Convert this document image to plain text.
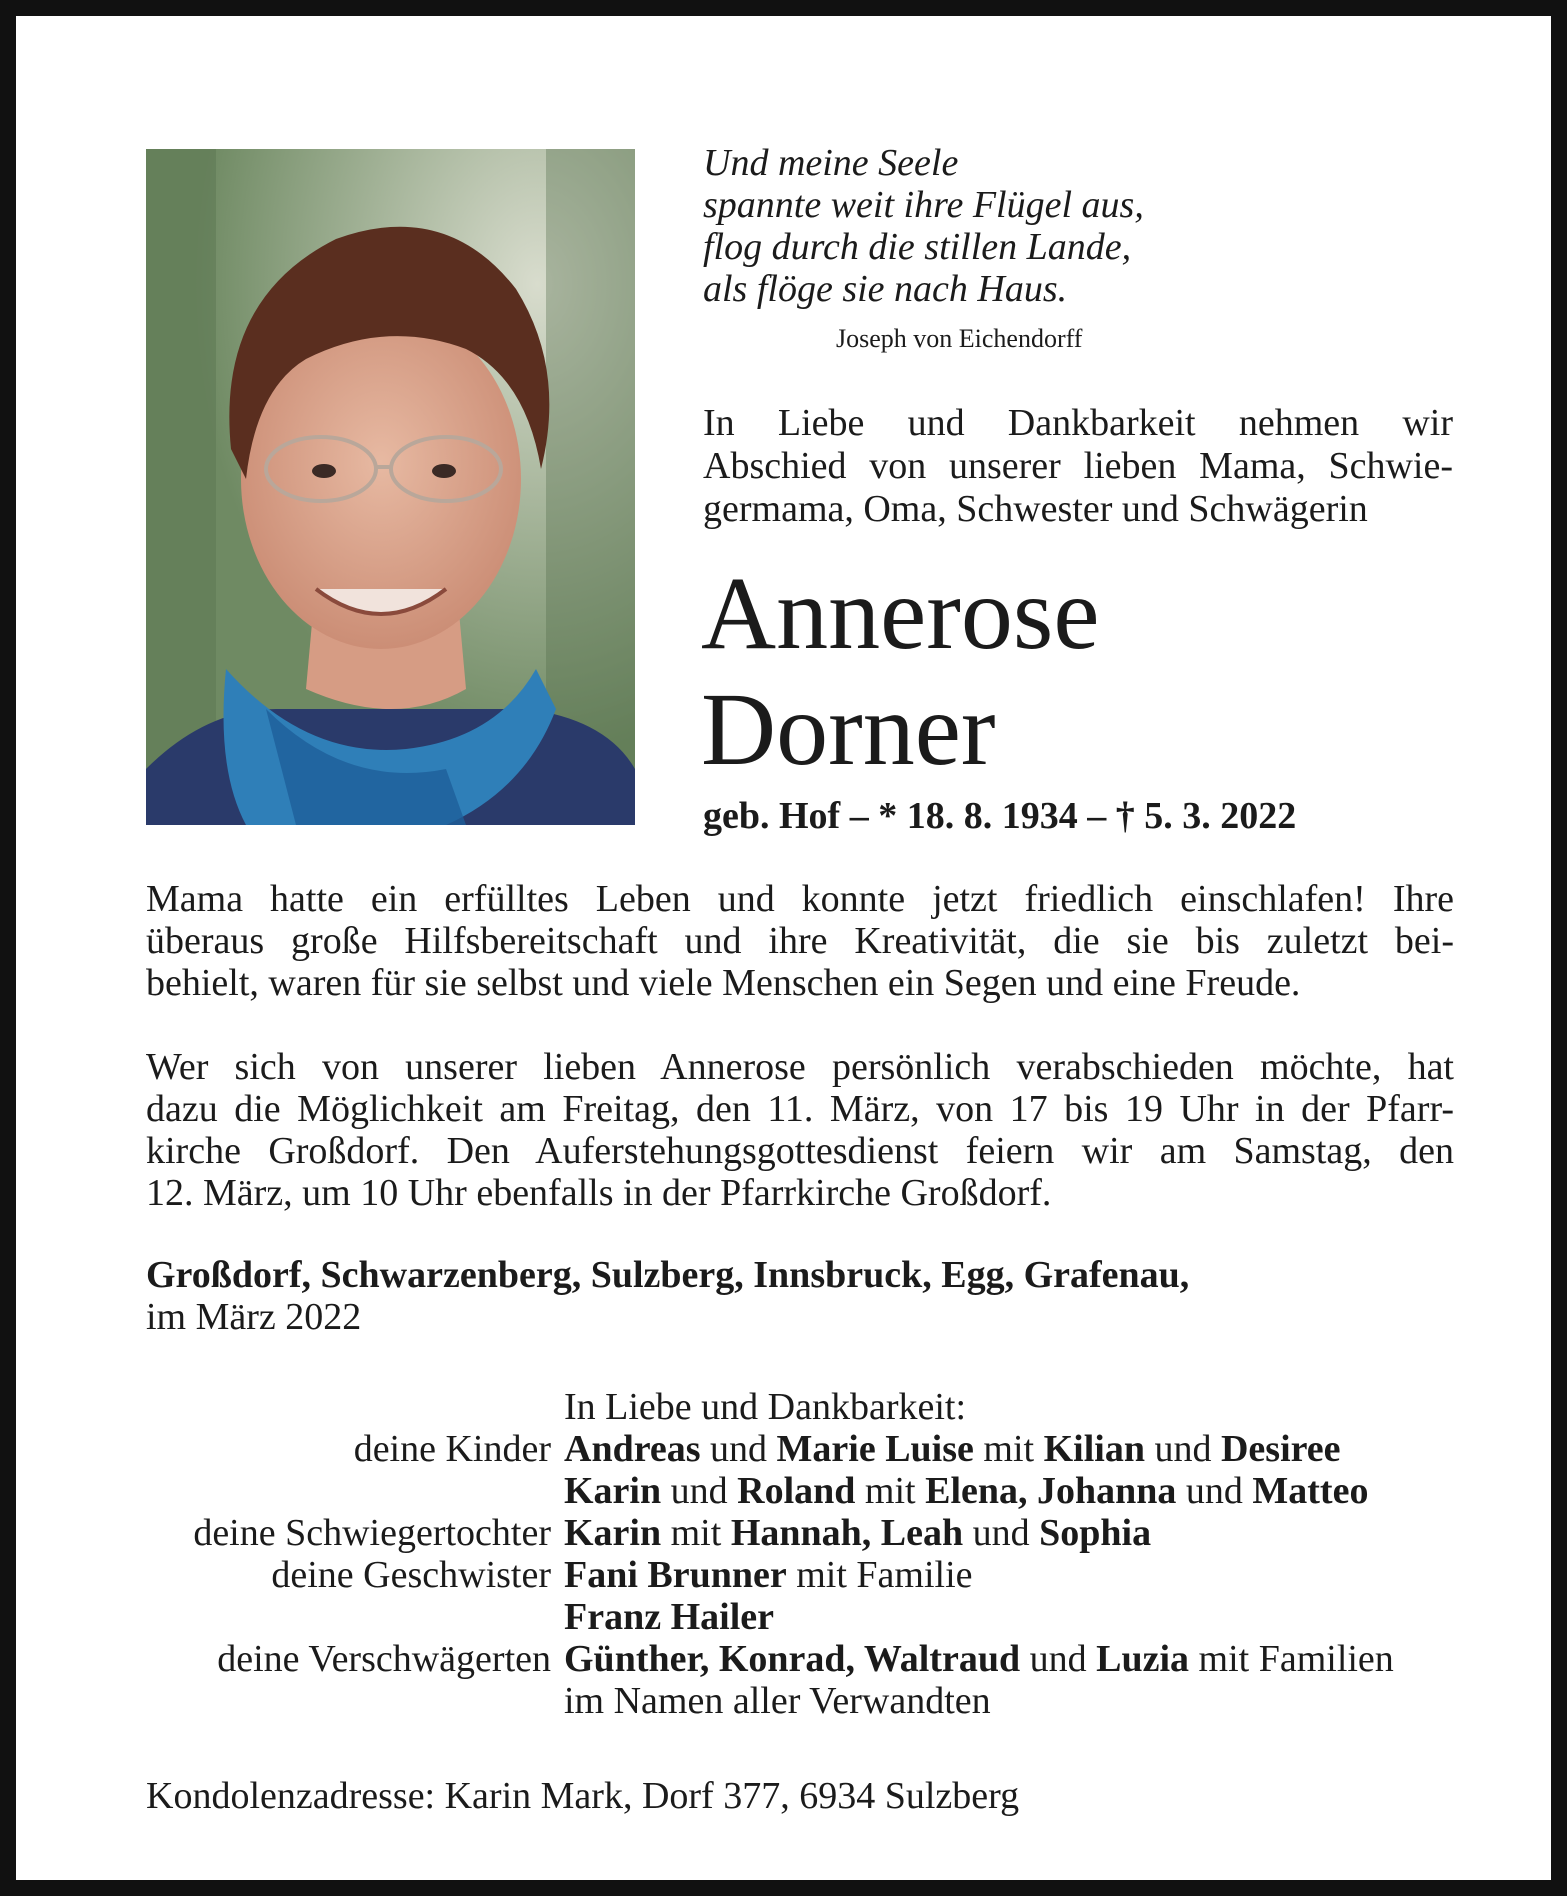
Und meine Seele
spannte weit ihre Flügel aus,
flog durch die stillen Lande,
als flöge sie nach Haus.
Joseph von Eichendorff
In Liebe und Dankbarkeit nehmen wir
Abschied von unserer lieben Mama, Schwie-
germama, Oma, Schwester und Schwägerin
Annerose
Dorner
geb. Hof – * 18. 8. 1934 – † 5. 3. 2022
Mama hatte ein erfülltes Leben und konnte jetzt friedlich einschlafen! Ihre
überaus große Hilfsbereitschaft und ihre Kreativität, die sie bis zuletzt bei-
behielt, waren für sie selbst und viele Menschen ein Segen und eine Freude.
Wer sich von unserer lieben Annerose persönlich verabschieden möchte, hat
dazu die Möglichkeit am Freitag, den 11. März, von 17 bis 19 Uhr in der Pfarr-
kirche Großdorf. Den Auferstehungsgottesdienst feiern wir am Samstag, den
12. März, um 10 Uhr ebenfalls in der Pfarrkirche Großdorf.
Großdorf, Schwarzenberg, Sulzberg, Innsbruck, Egg, Grafenau,
im März 2022
In Liebe und Dankbarkeit:
deine Kinder Andreas und Marie Luise mit Kilian und Desiree
Karin und Roland mit Elena, Johanna und Matteo
deine Schwiegertochter Karin mit Hannah, Leah und Sophia
deine Geschwister Fani Brunner mit Familie
Franz Hailer
deine Verschwägerten Günther, Konrad, Waltraud und Luzia mit Familien
im Namen aller Verwandten
Kondolenzadresse: Karin Mark, Dorf 377, 6934 Sulzberg
